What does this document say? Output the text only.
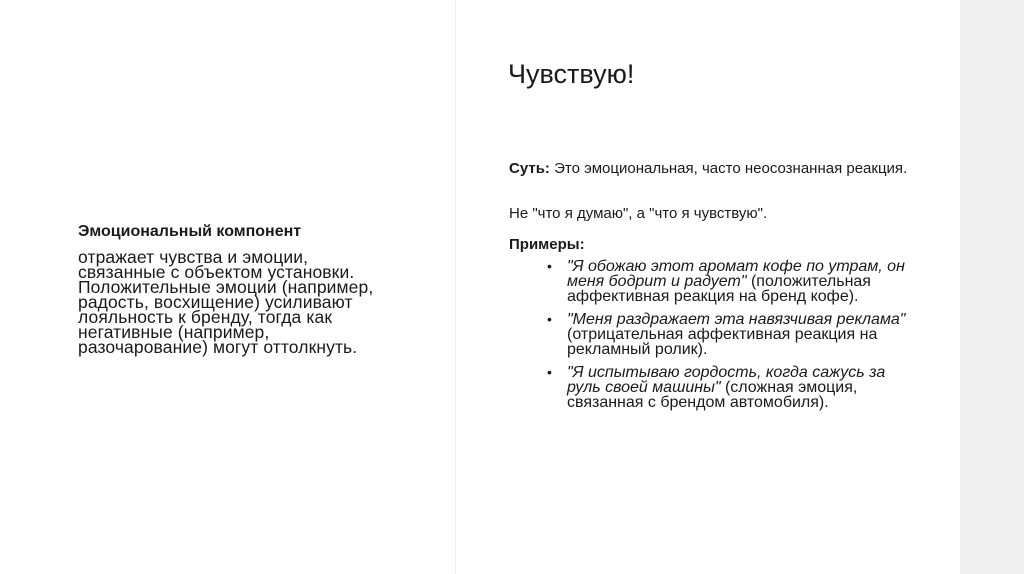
Эмоциональный компонент
отражает чувства и эмоции, связанные с объектом установки. Положительные эмоции (например, радость, восхищение) усиливают лояльность к бренду, тогда как негативные (например, разочарование) могут оттолкнуть.
Чувствую!
Суть: Это эмоциональная, часто неосознанная реакция.
Не "что я думаю", а "что я чувствую".
Примеры:
• "Я обожаю этот аромат кофе по утрам, он меня бодрит и радует" (положительная аффективная реакция на бренд кофе).
• "Меня раздражает эта навязчивая реклама" (отрицательная аффективная реакция на рекламный ролик).
• "Я испытываю гордость, когда сажусь за руль своей машины" (сложная эмоция, связанная с брендом автомобиля).
